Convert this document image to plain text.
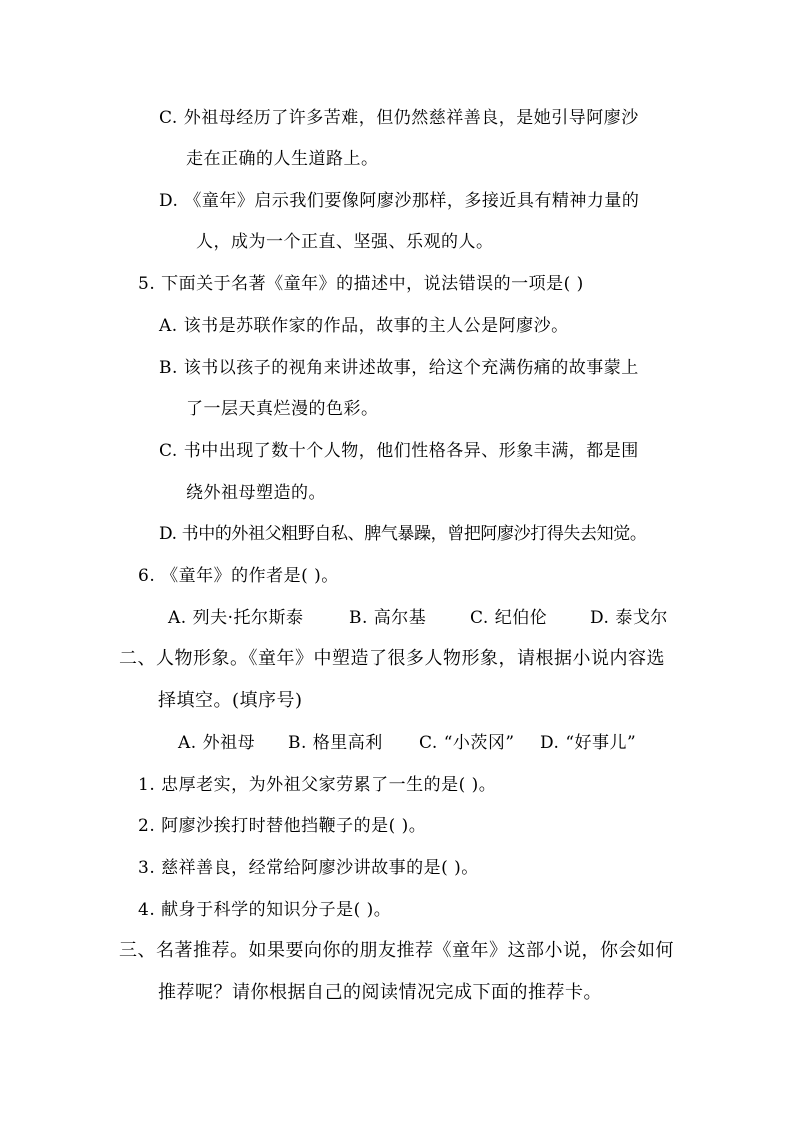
C. 外祖母经历了许多苦难，但仍然慈祥善良，是她引导阿廖沙
走在正确的人生道路上。
D. 《童年》启示我们要像阿廖沙那样，多接近具有精神力量的
人，成为一个正直、坚强、乐观的人。
5. 下面关于名著《童年》的描述中，说法错误的一项是( )
A. 该书是苏联作家的作品，故事的主人公是阿廖沙。
B. 该书以孩子的视角来讲述故事，给这个充满伤痛的故事蒙上
了一层天真烂漫的色彩。
C. 书中出现了数十个人物，他们性格各异、形象丰满，都是围
绕外祖母塑造的。
D. 书中的外祖父粗野自私、脾气暴躁，曾把阿廖沙打得失去知觉。
6. 《童年》的作者是( )。
A. 列夫·托尔斯泰	B. 高尔基	C. 纪伯伦	D. 泰戈尔
二、人物形象。《童年》中塑造了很多人物形象，请根据小说内容选
择填空。(填序号)
A. 外祖母 B. 格里高利 C. “小茨冈” D. “好事儿”
1. 忠厚老实，为外祖父家劳累了一生的是( )。
2. 阿廖沙挨打时替他挡鞭子的是( )。
3. 慈祥善良，经常给阿廖沙讲故事的是( )。
4. 献身于科学的知识分子是( )。
三、名著推荐。如果要向你的朋友推荐《童年》这部小说，你会如何
推荐呢？请你根据自己的阅读情况完成下面的推荐卡。
